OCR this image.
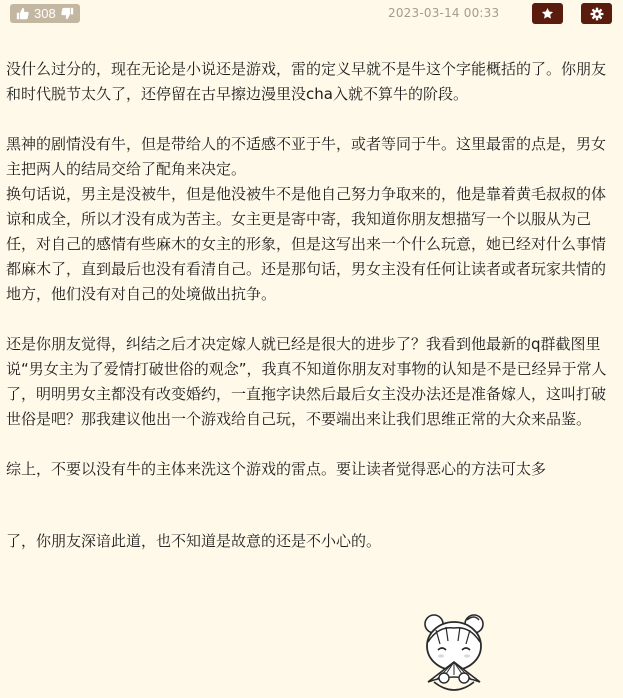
308	2023-03-14 00:33

没什么过分的，现在无论是小说还是游戏，雷的定义早就不是牛这个字能概括的了。你朋友和时代脱节太久了，还停留在古早擦边漫里没cha入就不算牛的阶段。

黑神的剧情没有牛，但是带给人的不适感不亚于牛，或者等同于牛。这里最雷的点是，男女主把两人的结局交给了配角来决定。

换句话说，男主是没被牛，但是他没被牛不是他自己努力争取来的，他是靠着黄毛叔叔的体谅和成全，所以才没有成为苦主。女主更是寄中寄，我知道你朋友想描写一个以服从为己任，对自己的感情有些麻木的女主的形象，但是这写出来一个什么玩意，她已经对什么事情都麻木了，直到最后也没有看清自己。还是那句话，男女主没有任何让读者或者玩家共情的地方，他们没有对自己的处境做出抗争。

还是你朋友觉得，纠结之后才决定嫁人就已经是很大的进步了？我看到他最新的q群截图里说“男女主为了爱情打破世俗的观念”，我真不知道你朋友对事物的认知是不是已经异于常人了，明明男女主都没有改变婚约，一直拖字诀然后最后女主没办法还是准备嫁人，这叫打破世俗是吧？那我建议他出一个游戏给自己玩，不要端出来让我们思维正常的大众来品鉴。

综上，不要以没有牛的主体来洗这个游戏的雷点。要让读者觉得恶心的方法可太多

了，你朋友深谙此道，也不知道是故意的还是不小心的。
